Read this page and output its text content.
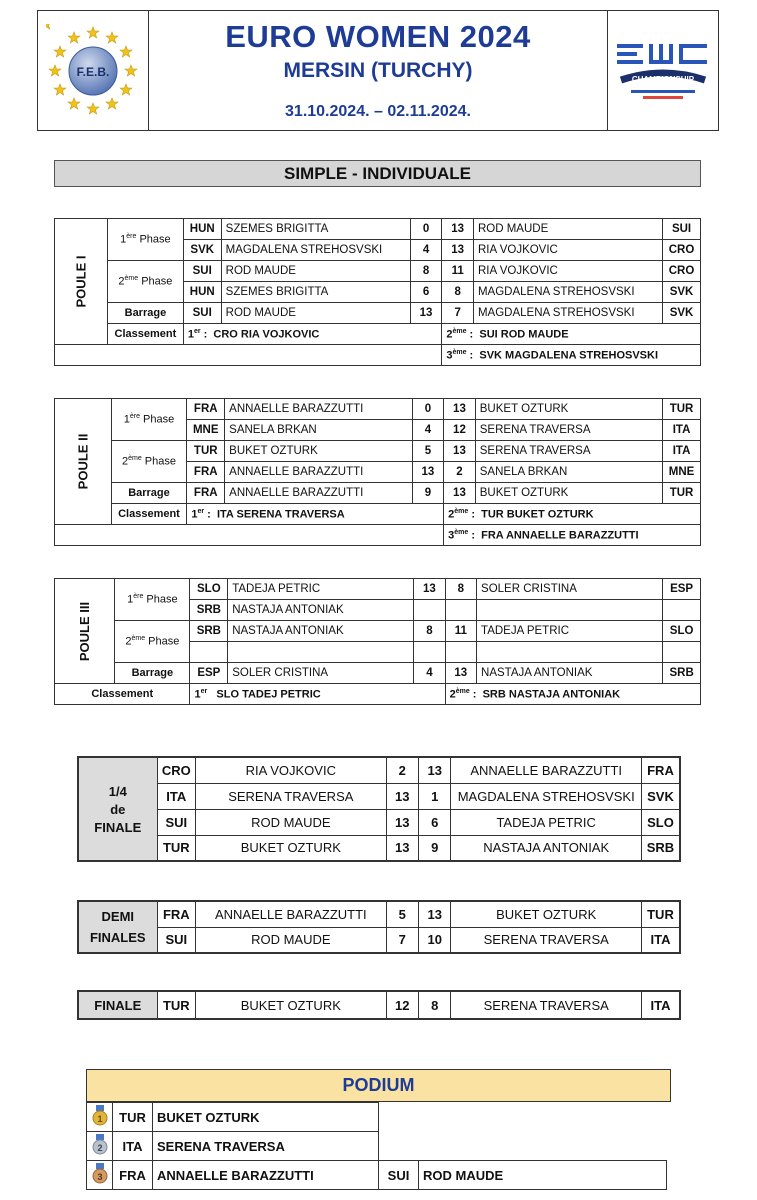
F.E.B.
EURO WOMEN 2024
MERSIN (TURCHY)
31.10.2024. – 02.11.2024.
EWC
CHAMPIONSHIP
SIMPLE - INDIVIDUALE
POULE I	1ère Phase	HUN	SZEMES BRIGITTA	0	13	ROD MAUDE	SUI
		SVK	MAGDALENA STREHOSVSKI	4	13	RIA VOJKOVIC	CRO
	2ème Phase	SUI	ROD MAUDE	8	11	RIA VOJKOVIC	CRO
		HUN	SZEMES BRIGITTA	6	8	MAGDALENA STREHOSVSKI	SVK
	Barrage	SUI	ROD MAUDE	13	7	MAGDALENA STREHOSVSKI	SVK
	Classement	1er : CRO RIA VOJKOVIC			2ème : SUI ROD MAUDE		
					3ème : SVK MAGDALENA STREHOSVSKI		
POULE II	1ère Phase	FRA	ANNAELLE BARAZZUTTI	0	13	BUKET OZTURK	TUR
		MNE	SANELA BRKAN	4	12	SERENA TRAVERSA	ITA
	2ème Phase	TUR	BUKET OZTURK	5	13	SERENA TRAVERSA	ITA
		FRA	ANNAELLE BARAZZUTTI	13	2	SANELA BRKAN	MNE
	Barrage	FRA	ANNAELLE BARAZZUTTI	9	13	BUKET OZTURK	TUR
	Classement	1er : ITA SERENA TRAVERSA			2ème : TUR BUKET OZTURK		
					3ème : FRA ANNAELLE BARAZZUTTI		
POULE III	1ère Phase	SLO	TADEJA PETRIC	13	8	SOLER CRISTINA	ESP
		SRB	NASTAJA ANTONIAK				
	2ème Phase	SRB	NASTAJA ANTONIAK	8	11	TADEJA PETRIC	SLO

	Barrage	ESP	SOLER CRISTINA	4	13	NASTAJA ANTONIAK	SRB
Classement		1er SLO TADEJ PETRIC			2ème : SRB NASTAJA ANTONIAK		
1/4
de
FINALE	CRO	RIA VOJKOVIC	2	13	ANNAELLE BARAZZUTTI	FRA
	ITA	SERENA TRAVERSA	13	1	MAGDALENA STREHOSVSKI	SVK
	SUI	ROD MAUDE	13	6	TADEJA PETRIC	SLO
	TUR	BUKET OZTURK	13	9	NASTAJA ANTONIAK	SRB
DEMI
FINALES	FRA	ANNAELLE BARAZZUTTI	5	13	BUKET OZTURK	TUR
	SUI	ROD MAUDE	7	10	SERENA TRAVERSA	ITA
FINALE	TUR	BUKET OZTURK	12	8	SERENA TRAVERSA	ITA
PODIUM
1	TUR	BUKET OZTURK		

2	ITA	SERENA TRAVERSA		

3	FRA	ANNAELLE BARAZZUTTI	SUI	ROD MAUDE
